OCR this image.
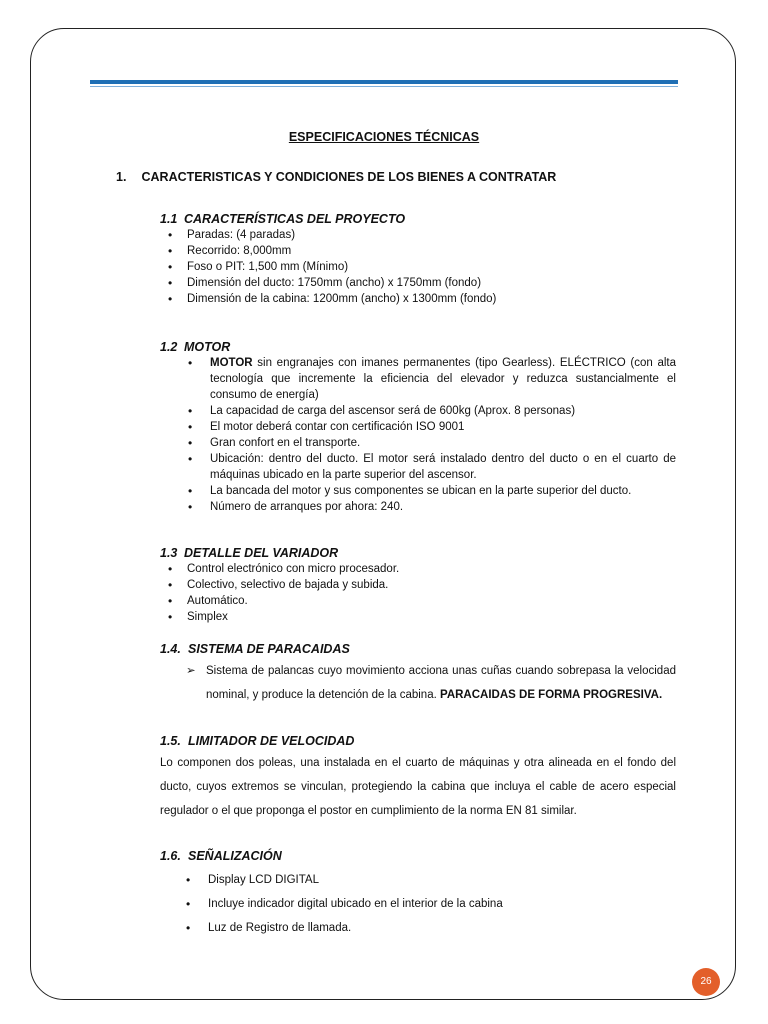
ESPECIFICACIONES TÉCNICAS
1. CARACTERISTICAS Y CONDICIONES DE LOS BIENES A CONTRATAR
1.1 CARACTERÍSTICAS DEL PROYECTO
• Paradas: (4 paradas)
• Recorrido: 8,000mm
• Foso o PIT: 1,500 mm (Mínimo)
• Dimensión del ducto: 1750mm (ancho) x 1750mm (fondo)
• Dimensión de la cabina: 1200mm (ancho) x 1300mm (fondo)
1.2 MOTOR
• MOTOR sin engranajes con imanes permanentes (tipo Gearless). ELÉCTRICO (con alta tecnología que incremente la eficiencia del elevador y reduzca sustancialmente el consumo de energía)
• La capacidad de carga del ascensor será de 600kg (Aprox. 8 personas)
• El motor deberá contar con certificación ISO 9001
• Gran confort en el transporte.
• Ubicación: dentro del ducto. El motor será instalado dentro del ducto o en el cuarto de máquinas ubicado en la parte superior del ascensor.
• La bancada del motor y sus componentes se ubican en la parte superior del ducto.
• Número de arranques por ahora: 240.
1.3 DETALLE DEL VARIADOR
• Control electrónico con micro procesador.
• Colectivo, selectivo de bajada y subida.
• Automático.
• Simplex
1.4. SISTEMA DE PARACAIDAS
➢ Sistema de palancas cuyo movimiento acciona unas cuñas cuando sobrepasa la velocidad nominal, y produce la detención de la cabina. PARACAIDAS DE FORMA PROGRESIVA.
1.5. LIMITADOR DE VELOCIDAD
Lo componen dos poleas, una instalada en el cuarto de máquinas y otra alineada en el fondo del ducto, cuyos extremos se vinculan, protegiendo la cabina que incluya el cable de acero especial regulador o el que proponga el postor en cumplimiento de la norma EN 81 similar.
1.6. SEÑALIZACIÓN
• Display LCD DIGITAL
• Incluye indicador digital ubicado en el interior de la cabina
• Luz de Registro de llamada.
26
